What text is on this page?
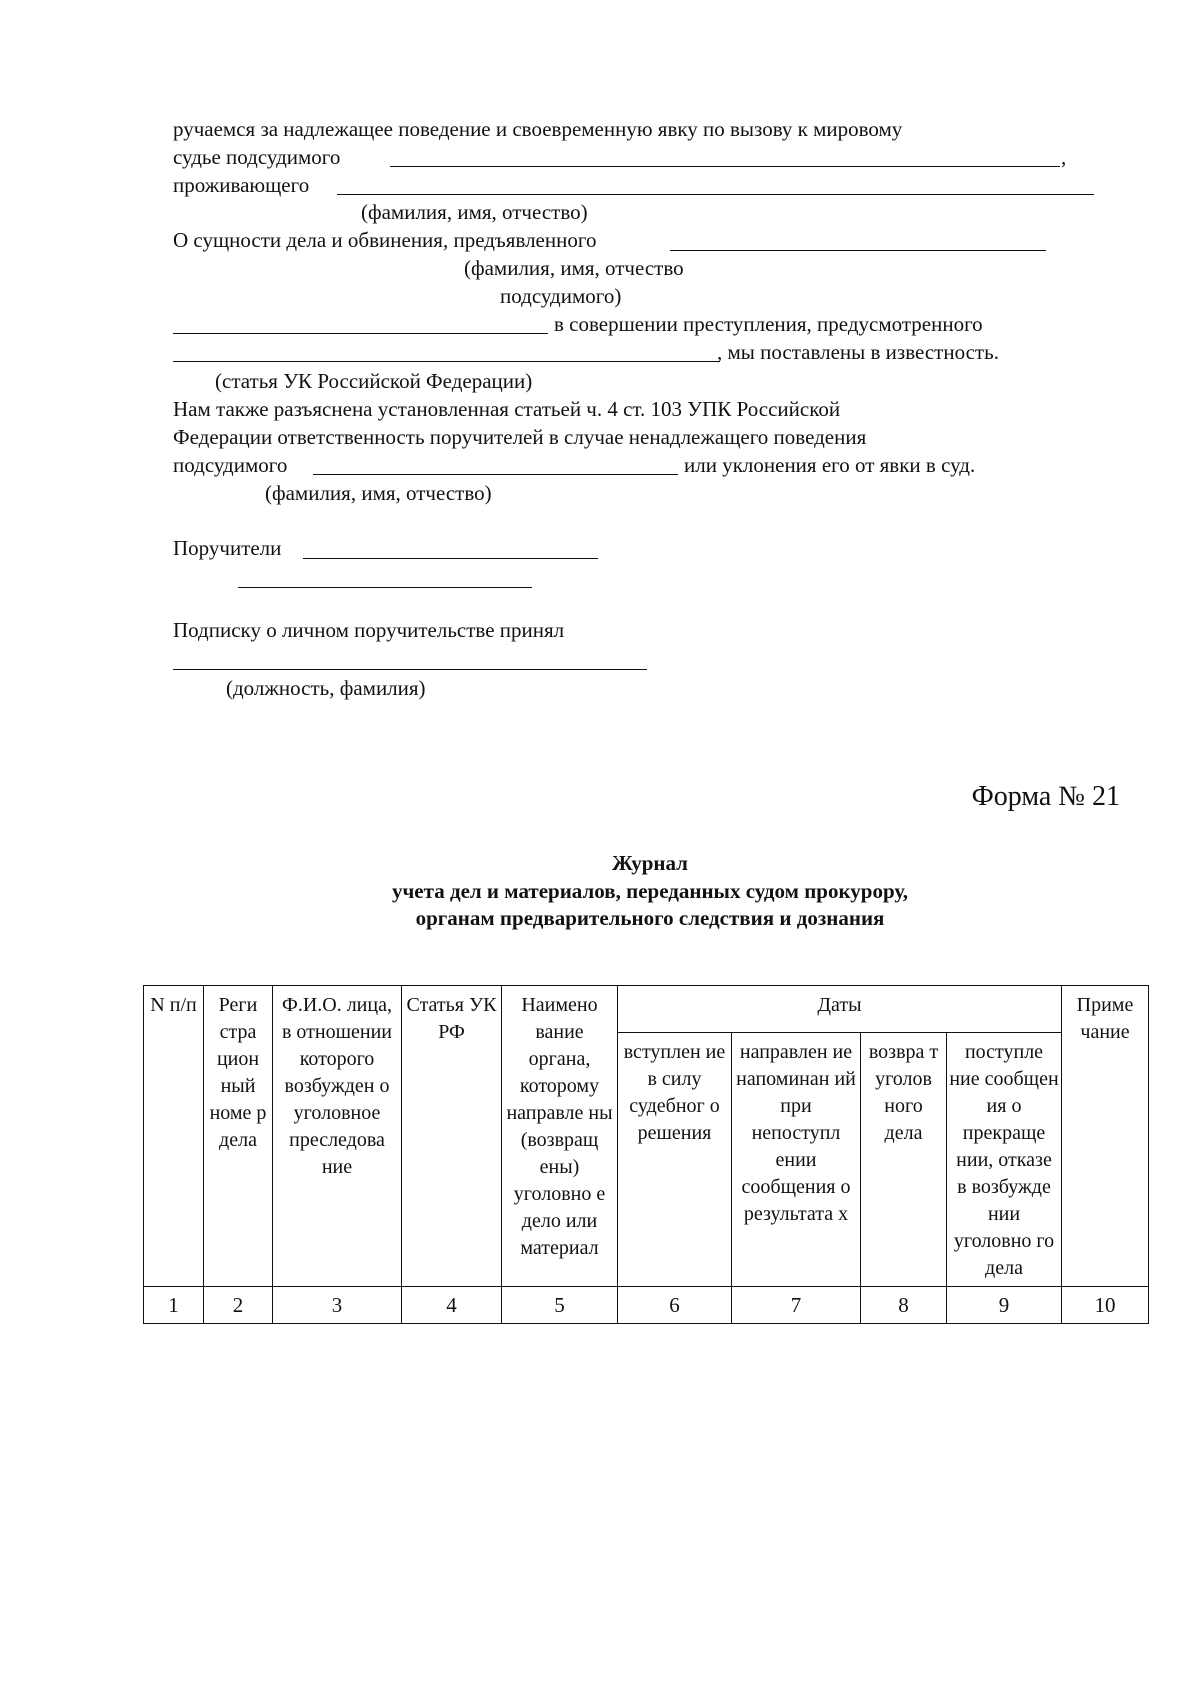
ручаемся за надлежащее поведение и своевременную явку по вызову к мировому
судье подсудимого	,
проживающего
(фамилия, имя, отчество)
О сущности дела и обвинения, предъявленного
(фамилия, имя, отчество
подсудимого)
в совершении преступления, предусмотренного
, мы поставлены в известность.
(статья УК Российской Федерации)
Нам также разъяснена установленная статьей ч. 4 ст. 103 УПК Российской
Федерации ответственность поручителей в случае ненадлежащего поведения
подсудимого	или уклонения его от явки в суд.
(фамилия, имя, отчество)
Поручители
Подписку о личном поручительстве принял
(должность, фамилия)
Форма № 21
Журнал
учета дел и материалов, переданных судом прокурору,
органам предварительного следствия и дознания
N п/п	Реги стра цион ный номе р дела	Ф.И.О. лица, в отношении которого возбужден о уголовное преследова ние	Статья УК РФ	Наимено вание органа, которому направле ны (возвращ ены) уголовно е дело или материал	Даты				Приме чание
					вступлен ие в силу судебног о решения	направлен ие напоминан ий при непоступл ении сообщения о результата х	возвра т уголов ного дела	поступле ние сообщен ия о прекраще нии, отказе в возбужде нии уголовно го дела	
1	2	3	4	5	6	7	8	9	10
